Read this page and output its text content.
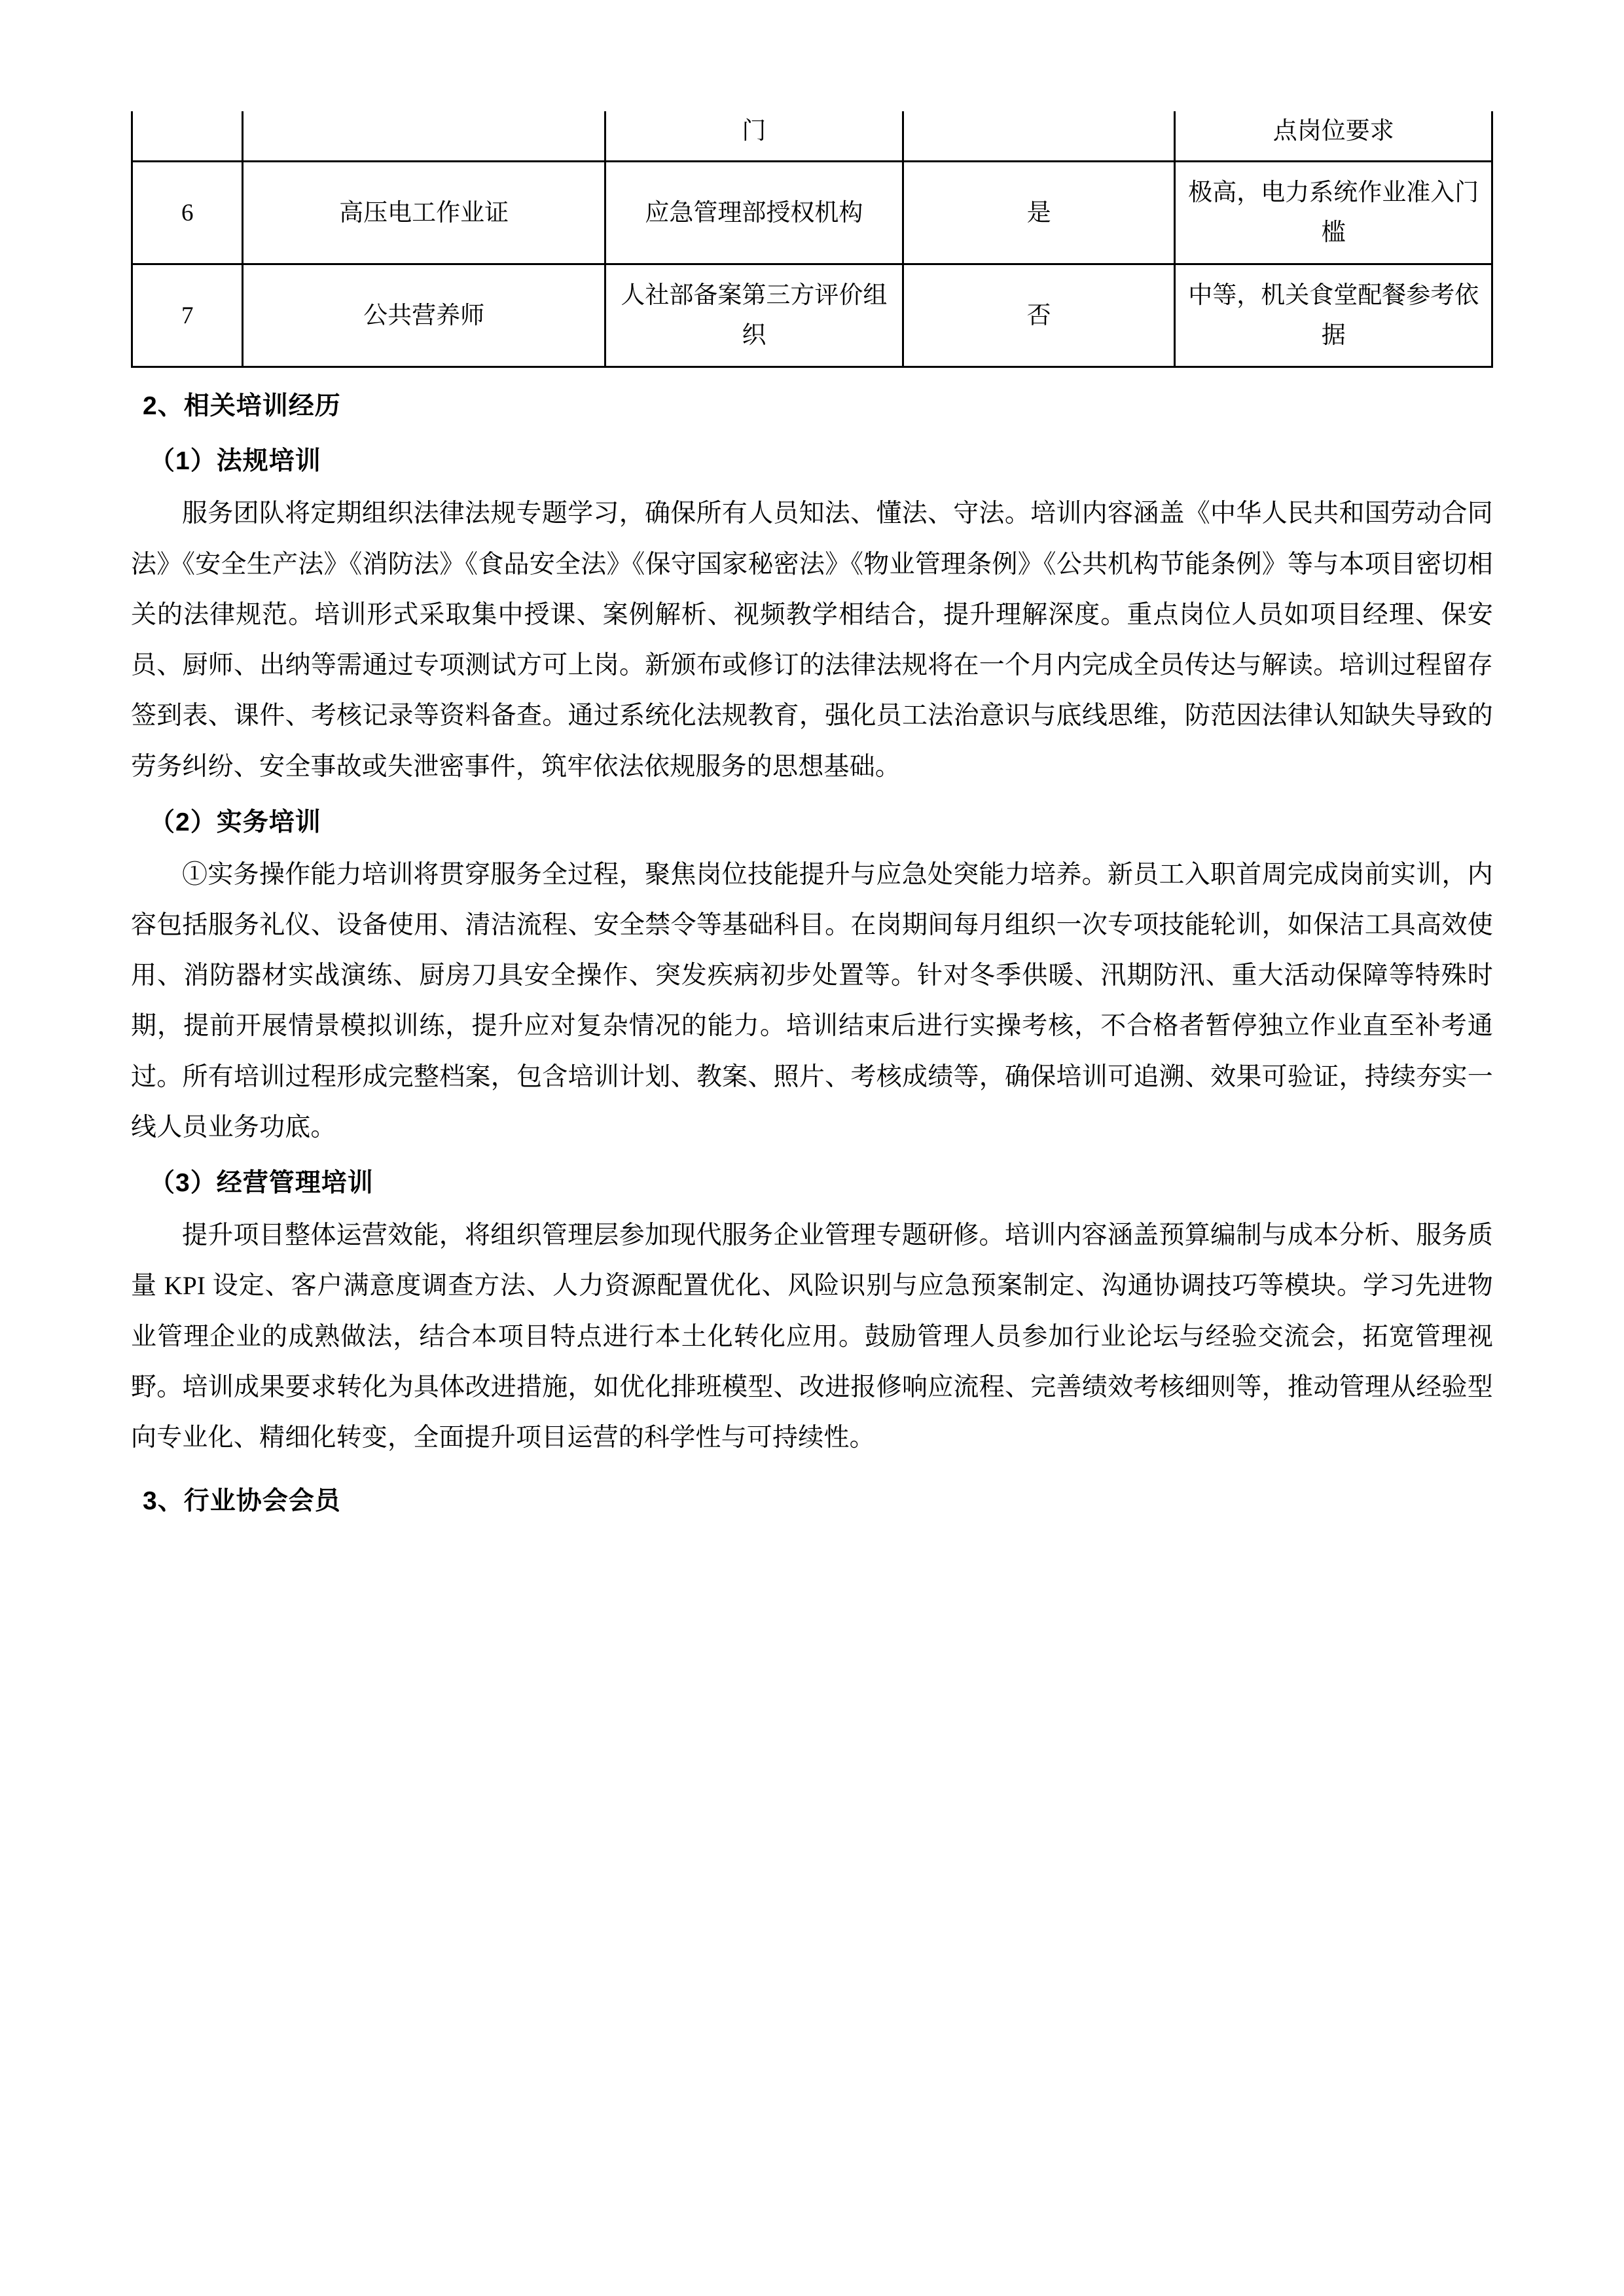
		门		点岗位要求
6	高压电工作业证	应急管理部授权机构	是	极高，电力系统作业准入门槛
7	公共营养师	人社部备案第三方评价组织	否	中等，机关食堂配餐参考依据
2、相关培训经历
（1）法规培训
服务团队将定期组织法律法规专题学习，确保所有人员知法、懂法、守法。培训内容涵盖《中华人民共和国劳动合同法》《安全生产法》《消防法》《食品安全法》《保守国家秘密法》《物业管理条例》《公共机构节能条例》等与本项目密切相关的法律规范。培训形式采取集中授课、案例解析、视频教学相结合，提升理解深度。重点岗位人员如项目经理、保安员、厨师、出纳等需通过专项测试方可上岗。新颁布或修订的法律法规将在一个月内完成全员传达与解读。培训过程留存签到表、课件、考核记录等资料备查。通过系统化法规教育，强化员工法治意识与底线思维，防范因法律认知缺失导致的劳务纠纷、安全事故或失泄密事件，筑牢依法依规服务的思想基础。
（2）实务培训
①实务操作能力培训将贯穿服务全过程，聚焦岗位技能提升与应急处突能力培养。新员工入职首周完成岗前实训，内容包括服务礼仪、设备使用、清洁流程、安全禁令等基础科目。在岗期间每月组织一次专项技能轮训，如保洁工具高效使用、消防器材实战演练、厨房刀具安全操作、突发疾病初步处置等。针对冬季供暖、汛期防汛、重大活动保障等特殊时期，提前开展情景模拟训练，提升应对复杂情况的能力。培训结束后进行实操考核，不合格者暂停独立作业直至补考通过。所有培训过程形成完整档案，包含培训计划、教案、照片、考核成绩等，确保培训可追溯、效果可验证，持续夯实一线人员业务功底。
（3）经营管理培训
提升项目整体运营效能，将组织管理层参加现代服务企业管理专题研修。培训内容涵盖预算编制与成本分析、服务质量 KPI 设定、客户满意度调查方法、人力资源配置优化、风险识别与应急预案制定、沟通协调技巧等模块。学习先进物业管理企业的成熟做法，结合本项目特点进行本土化转化应用。鼓励管理人员参加行业论坛与经验交流会，拓宽管理视野。培训成果要求转化为具体改进措施，如优化排班模型、改进报修响应流程、完善绩效考核细则等，推动管理从经验型向专业化、精细化转变，全面提升项目运营的科学性与可持续性。
3、行业协会会员
